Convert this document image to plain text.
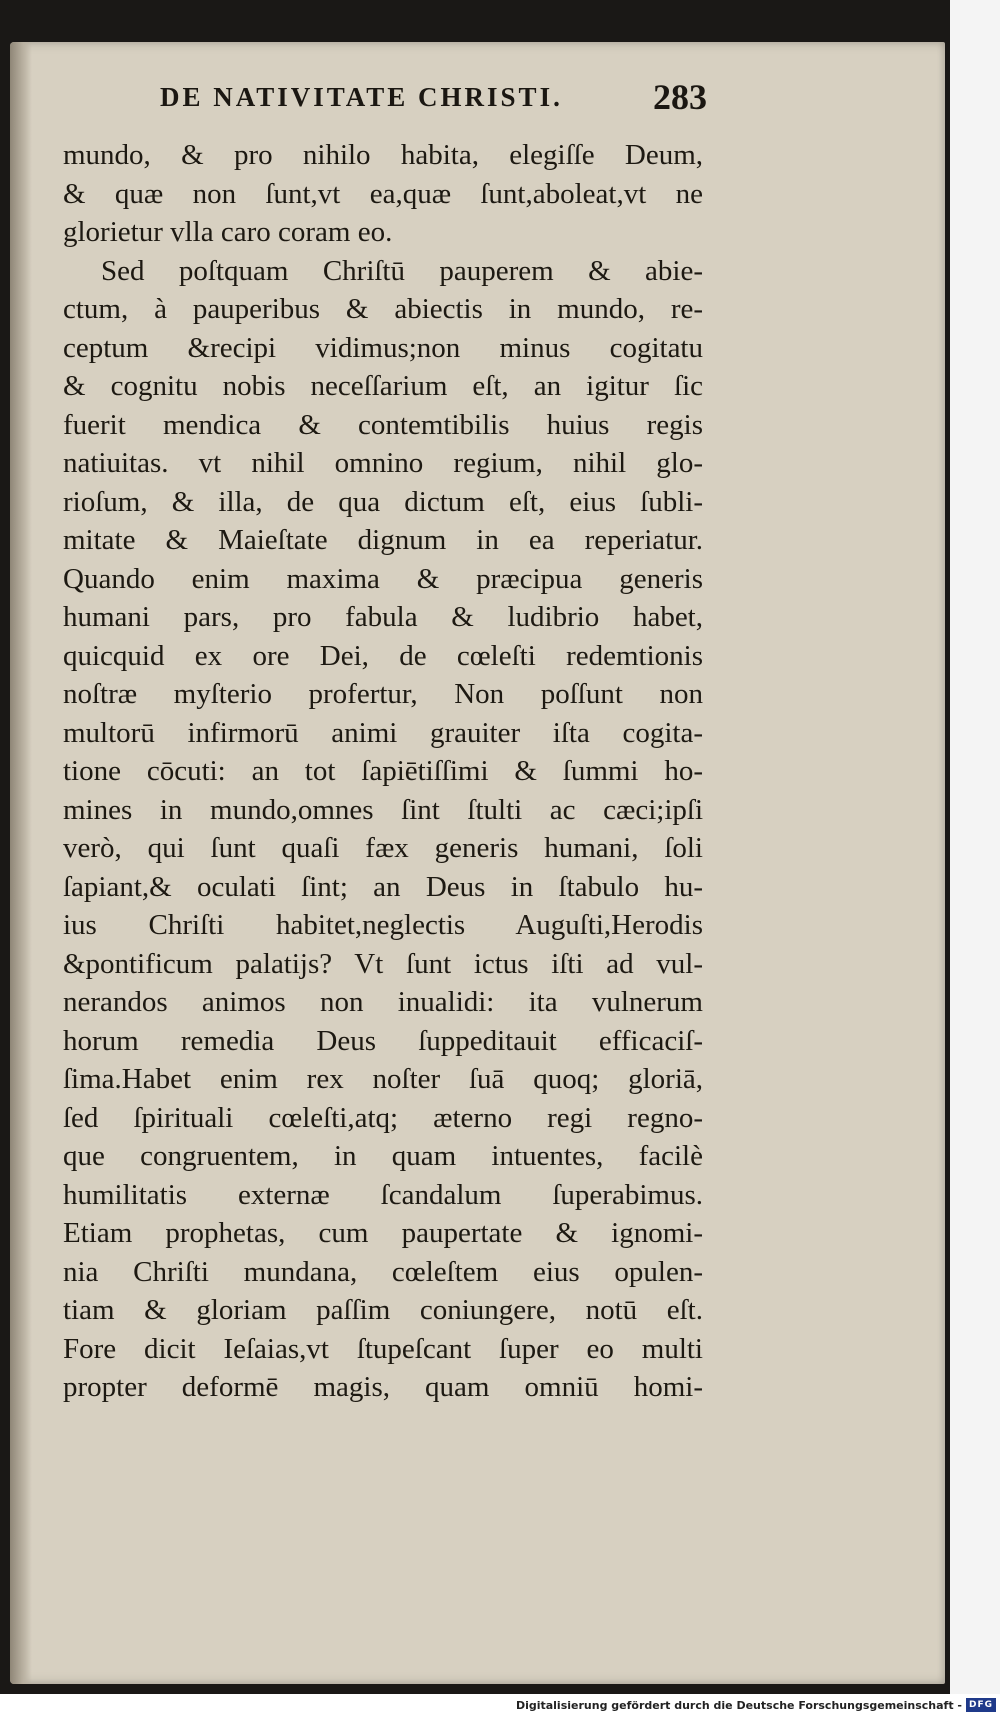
DE NATIVITATE CHRISTI.	283
mundo, & pro nihilo habita, elegiſſe Deum,
& quæ non ſunt,vt ea,quæ ſunt,aboleat,vt ne
glorietur vlla caro coram eo.
Sed poſtquam Chriſtū pauperem & abie-
ctum, à pauperibus & abiectis in mundo, re-
ceptum &recipi vidimus;non minus cogitatu
& cognitu nobis neceſſarium eſt, an igitur ſic
fuerit mendica & contemtibilis huius regis
natiuitas. vt nihil omnino regium, nihil glo-
rioſum, & illa, de qua dictum eſt, eius ſubli-
mitate & Maieſtate dignum in ea reperiatur.
Quando enim maxima & præcipua generis
humani pars, pro fabula & ludibrio habet,
quicquid ex ore Dei, de cœleſti redemtionis
noſtræ myſterio profertur, Non poſſunt non
multorū infirmorū animi grauiter iſta cogita-
tione cōcuti: an tot ſapiētiſſimi & ſummi ho-
mines in mundo,omnes ſint ſtulti ac cæci;ipſi
verò, qui ſunt quaſi fæx generis humani, ſoli
ſapiant,& oculati ſint; an Deus in ſtabulo hu-
ius Chriſti habitet,neglectis Auguſti,Herodis
&pontificum palatijs? Vt ſunt ictus iſti ad vul-
nerandos animos non inualidi: ita vulnerum
horum remedia Deus ſuppeditauit efficaciſ-
ſima.Habet enim rex noſter ſuā quoq; gloriā,
ſed ſpirituali cœleſti,atq; æterno regi regno-
que congruentem, in quam intuentes, facilè
humilitatis externæ ſcandalum ſuperabimus.
Etiam prophetas, cum paupertate & ignomi-
nia Chriſti mundana, cœleſtem eius opulen-
tiam & gloriam paſſim coniungere, notū eſt.
Fore dicit Ieſaias,vt ſtupeſcant ſuper eo multi
propter deformē magis, quam omniū homi-
Digitalisierung gefördert durch die Deutsche Forschungsgemeinschaft - DFG
